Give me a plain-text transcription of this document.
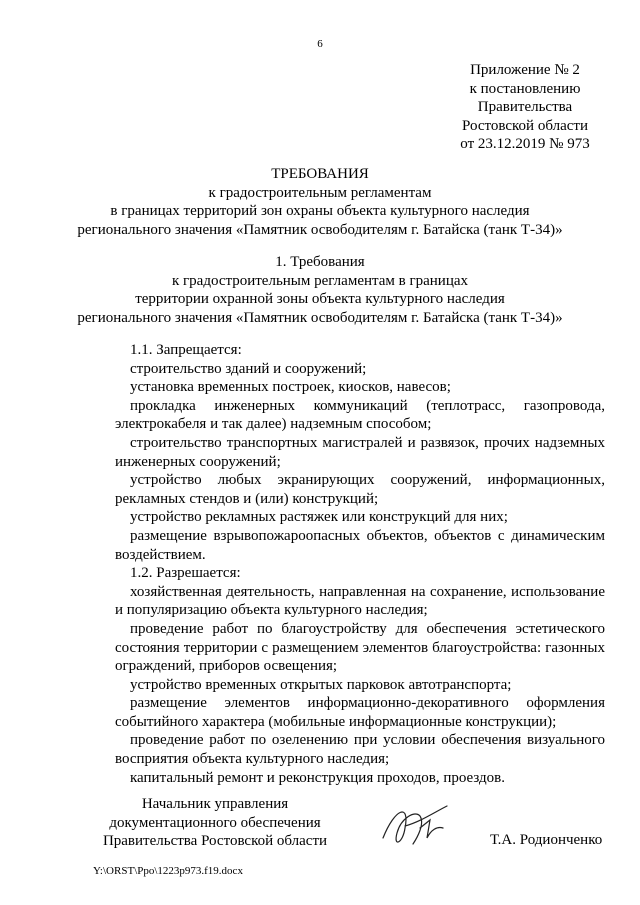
6
Приложение № 2
к постановлению
Правительства
Ростовской области
от 23.12.2019 № 973
ТРЕБОВАНИЯ
к градостроительным регламентам
в границах территорий зон охраны объекта культурного наследия
регионального значения «Памятник освободителям г. Батайска (танк Т-34)»
1. Требования
к градостроительным регламентам в границах
территории охранной зоны объекта культурного наследия
регионального значения «Памятник освободителям г. Батайска (танк Т-34)»
1.1. Запрещается:
строительство зданий и сооружений;
установка временных построек, киосков, навесов;
прокладка инженерных коммуникаций (теплотрасс, газопровода, электрокабеля и так далее) надземным способом;
строительство транспортных магистралей и развязок, прочих надземных инженерных сооружений;
устройство любых экранирующих сооружений, информационных, рекламных стендов и (или) конструкций;
устройство рекламных растяжек или конструкций для них;
размещение взрывопожароопасных объектов, объектов с динамическим воздействием.
1.2. Разрешается:
хозяйственная деятельность, направленная на сохранение, использование и популяризацию объекта культурного наследия;
проведение работ по благоустройству для обеспечения эстетического состояния территории с размещением элементов благоустройства: газонных ограждений, приборов освещения;
устройство временных открытых парковок автотранспорта;
размещение элементов информационно-декоративного оформления событийного характера (мобильные информационные конструкции);
проведение работ по озеленению при условии обеспечения визуального восприятия объекта культурного наследия;
капитальный ремонт и реконструкция проходов, проездов.
Начальник управления
документационного обеспечения
Правительства Ростовской области	Т.А. Родионченко
Y:\ORST\Ppo\1223p973.f19.docx
